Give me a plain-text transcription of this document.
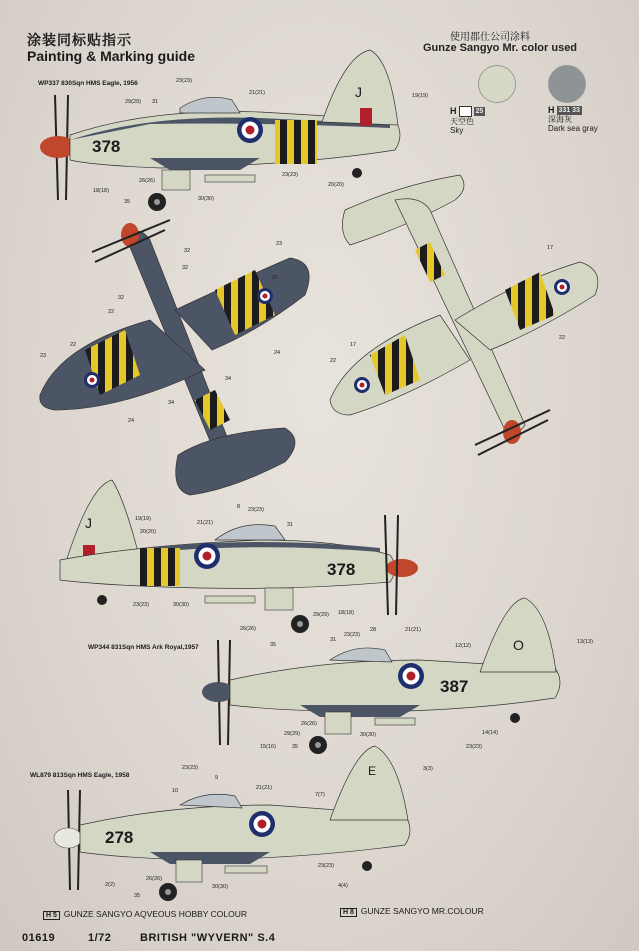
涂装同标贴指示
Painting & Marking guide
使用郡仕公司涂料
Gunze Sangyo Mr. color used
H	25
天空色
Sky
H 331 33
深海灰
Dark sea gray
WP337 830Sqn HMS Eagle, 1956
WP344 831Sqn HMS Ark Royal,1957
WL879 813Sqn HMS Eagle, 1958
378
J
378
J
387
O
278
E
23(23)
21(21)
29(29) 31
19(19)
18(18)
26(26)
35	30(30)
23(23)
20(20)
32
23
22
32
32
24
23
22
34
34
24
22
17
22
17
22
19(19)
20(20)
21(21)
8 23(23)
31
23(23)	30(30)
26(26)
35
29(29) 18(18)
31
23(23)
28	21(21)
12(12)
13(13)
15(16)
29(29)
26(26)
35
30(30)	14(14)
23(23)
23(23)
9
21(21)
10
7(7)
3(3)
2(2)
26(26)
35
30(30)
23(23)
4(4)
H 5 GUNZE SANGYO AQVEOUS HOBBY COLOUR	H 8 GUNZE SANGYO MR.COLOUR
01619	1/72	BRITISH "WYVERN" S.4
